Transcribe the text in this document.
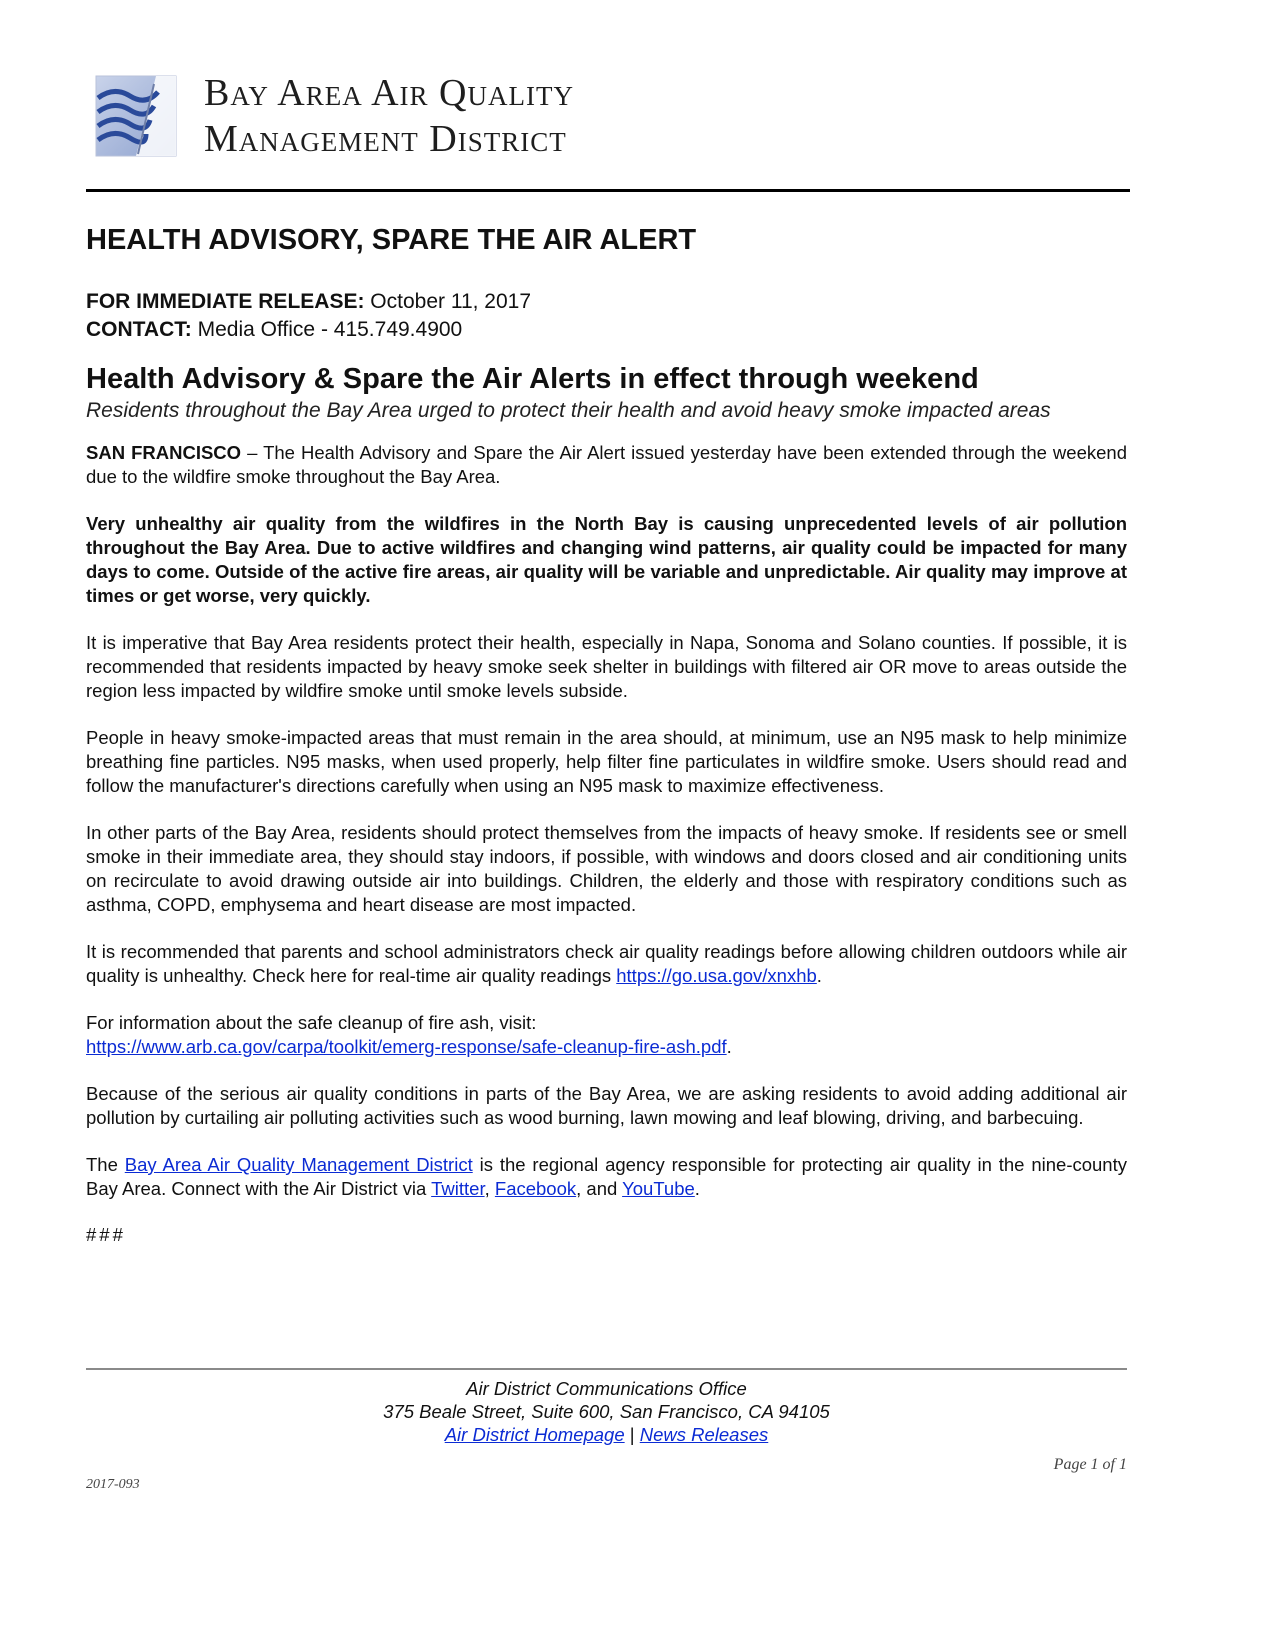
Bay Area Air Quality
Management District
HEALTH ADVISORY, SPARE THE AIR ALERT
FOR IMMEDIATE RELEASE: October 11, 2017
CONTACT: Media Office - 415.749.4900
Health Advisory & Spare the Air Alerts in effect through weekend
Residents throughout the Bay Area urged to protect their health and avoid heavy smoke impacted areas

SAN FRANCISCO – The Health Advisory and Spare the Air Alert issued yesterday have been extended through the weekend due to the wildfire smoke throughout the Bay Area.

Very unhealthy air quality from the wildfires in the North Bay is causing unprecedented levels of air pollution throughout the Bay Area. Due to active wildfires and changing wind patterns, air quality could be impacted for many days to come. Outside of the active fire areas, air quality will be variable and unpredictable. Air quality may improve at times or get worse, very quickly.

It is imperative that Bay Area residents protect their health, especially in Napa, Sonoma and Solano counties. If possible, it is recommended that residents impacted by heavy smoke seek shelter in buildings with filtered air OR move to areas outside the region less impacted by wildfire smoke until smoke levels subside.

People in heavy smoke-impacted areas that must remain in the area should, at minimum, use an N95 mask to help minimize breathing fine particles. N95 masks, when used properly, help filter fine particulates in wildfire smoke. Users should read and follow the manufacturer's directions carefully when using an N95 mask to maximize effectiveness.

In other parts of the Bay Area, residents should protect themselves from the impacts of heavy smoke. If residents see or smell smoke in their immediate area, they should stay indoors, if possible, with windows and doors closed and air conditioning units on recirculate to avoid drawing outside air into buildings. Children, the elderly and those with respiratory conditions such as asthma, COPD, emphysema and heart disease are most impacted.

It is recommended that parents and school administrators check air quality readings before allowing children outdoors while air quality is unhealthy. Check here for real-time air quality readings https://go.usa.gov/xnxhb.

For information about the safe cleanup of fire ash, visit:
https://www.arb.ca.gov/carpa/toolkit/emerg-response/safe-cleanup-fire-ash.pdf.

Because of the serious air quality conditions in parts of the Bay Area, we are asking residents to avoid adding additional air pollution by curtailing air polluting activities such as wood burning, lawn mowing and leaf blowing, driving, and barbecuing.

The Bay Area Air Quality Management District is the regional agency responsible for protecting air quality in the nine-county Bay Area. Connect with the Air District via Twitter, Facebook, and YouTube.

###
Air District Communications Office
375 Beale Street, Suite 600, San Francisco, CA 94105
Air District Homepage | News Releases
Page 1 of 1
2017-093
